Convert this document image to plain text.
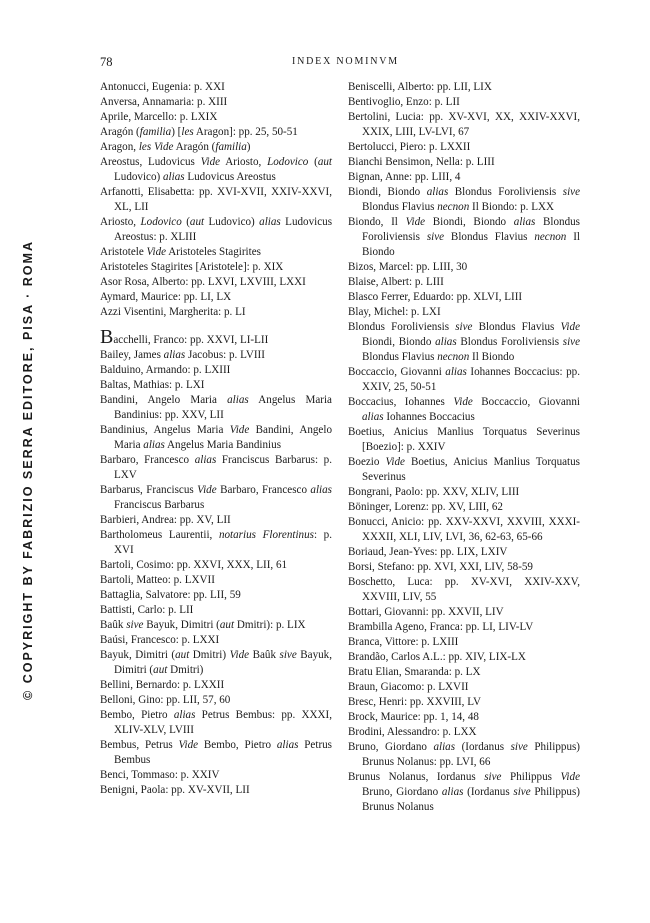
© COPYRIGHT BY FABRIZIO SERRA EDITORE, PISA · ROMA
78	INDEX NOMINVM

Antonucci, Eugenia: p. XXI

Anversa, Annamaria: p. XIII

Aprile, Marcello: p. LXIX

Aragón (familia) [les Aragon]: pp. 25, 50-51

Aragon, les Vide Aragón (familia)

Areostus, Ludovicus Vide Ariosto, Lodovico (aut Ludovico) alias Ludovicus Areostus

Arfanotti, Elisabetta: pp. XVI-XVII, XXIV-XXVI, XL, LII

Ariosto, Lodovico (aut Ludovico) alias Ludovicus Areostus: p. XLIII

Aristotele Vide Aristoteles Stagirites

Aristoteles Stagirites [Aristotele]: p. XIX

Asor Rosa, Alberto: pp. LXVI, LXVIII, LXXI

Aymard, Maurice: pp. LI, LX

Azzi Visentini, Margherita: p. LI

Bacchelli, Franco: pp. XXVI, LI-LII

Bailey, James alias Jacobus: p. LVIII

Balduino, Armando: p. LXIII

Baltas, Mathias: p. LXI

Bandini, Angelo Maria alias Angelus Maria Bandinius: pp. XXV, LII

Bandinius, Angelus Maria Vide Bandini, Angelo Maria alias Angelus Maria Bandinius

Barbaro, Francesco alias Franciscus Barbarus: p. LXV

Barbarus, Franciscus Vide Barbaro, Francesco alias Franciscus Barbarus

Barbieri, Andrea: pp. XV, LII

Bartholomeus Laurentii, notarius Florentinus: p. XVI

Bartoli, Cosimo: pp. XXVI, XXX, LII, 61

Bartoli, Matteo: p. LXVII

Battaglia, Salvatore: pp. LII, 59

Battisti, Carlo: p. LII

Baûk sive Bayuk, Dimitri (aut Dmitri): p. LIX

Baúsi, Francesco: p. LXXI

Bayuk, Dimitri (aut Dmitri) Vide Baûk sive Bayuk, Dimitri (aut Dmitri)

Bellini, Bernardo: p. LXXII

Belloni, Gino: pp. LII, 57, 60

Bembo, Pietro alias Petrus Bembus: pp. XXXI, XLIV-XLV, LVIII

Bembus, Petrus Vide Bembo, Pietro alias Petrus Bembus

Benci, Tommaso: p. XXIV

Benigni, Paola: pp. XV-XVII, LII

Beniscelli, Alberto: pp. LII, LIX

Bentivoglio, Enzo: p. LII

Bertolini, Lucia: pp. XV-XVI, XX, XXIV-XXVI, XXIX, LIII, LV-LVI, 67

Bertolucci, Piero: p. LXXII

Bianchi Bensimon, Nella: p. LIII

Bignan, Anne: pp. LIII, 4

Biondi, Biondo alias Blondus Foroliviensis sive Blondus Flavius necnon Il Biondo: p. LXX

Biondo, Il Vide Biondi, Biondo alias Blondus Foroliviensis sive Blondus Flavius necnon Il Biondo

Bizos, Marcel: pp. LIII, 30

Blaise, Albert: p. LIII

Blasco Ferrer, Eduardo: pp. XLVI, LIII

Blay, Michel: p. LXI

Blondus Foroliviensis sive Blondus Flavius Vide Biondi, Biondo alias Blondus Foroliviensis sive Blondus Flavius necnon Il Biondo

Boccaccio, Giovanni alias Iohannes Boccacius: pp. XXIV, 25, 50-51

Boccacius, Iohannes Vide Boccaccio, Giovanni alias Iohannes Boccacius

Boetius, Anicius Manlius Torquatus Severinus [Boezio]: p. XXIV

Boezio Vide Boetius, Anicius Manlius Torquatus Severinus

Bongrani, Paolo: pp. XXV, XLIV, LIII

Böninger, Lorenz: pp. XV, LIII, 62

Bonucci, Anicio: pp. XXV-XXVI, XXVIII, XXXI-XXXII, XLI, LIV, LVI, 36, 62-63, 65-66

Boriaud, Jean-Yves: pp. LIX, LXIV

Borsi, Stefano: pp. XVI, XXI, LIV, 58-59

Boschetto, Luca: pp. XV-XVI, XXIV-XXV, XXVIII, LIV, 55

Bottari, Giovanni: pp. XXVII, LIV

Brambilla Ageno, Franca: pp. LI, LIV-LV

Branca, Vittore: p. LXIII

Brandão, Carlos A.L.: pp. XIV, LIX-LX

Bratu Elian, Smaranda: p. LX

Braun, Giacomo: p. LXVII

Bresc, Henri: pp. XXVIII, LV

Brock, Maurice: pp. 1, 14, 48

Brodini, Alessandro: p. LXX

Bruno, Giordano alias (Iordanus sive Philippus) Brunus Nolanus: pp. LVI, 66

Brunus Nolanus, Iordanus sive Philippus Vide Bruno, Giordano alias (Iordanus sive Philippus) Brunus Nolanus
